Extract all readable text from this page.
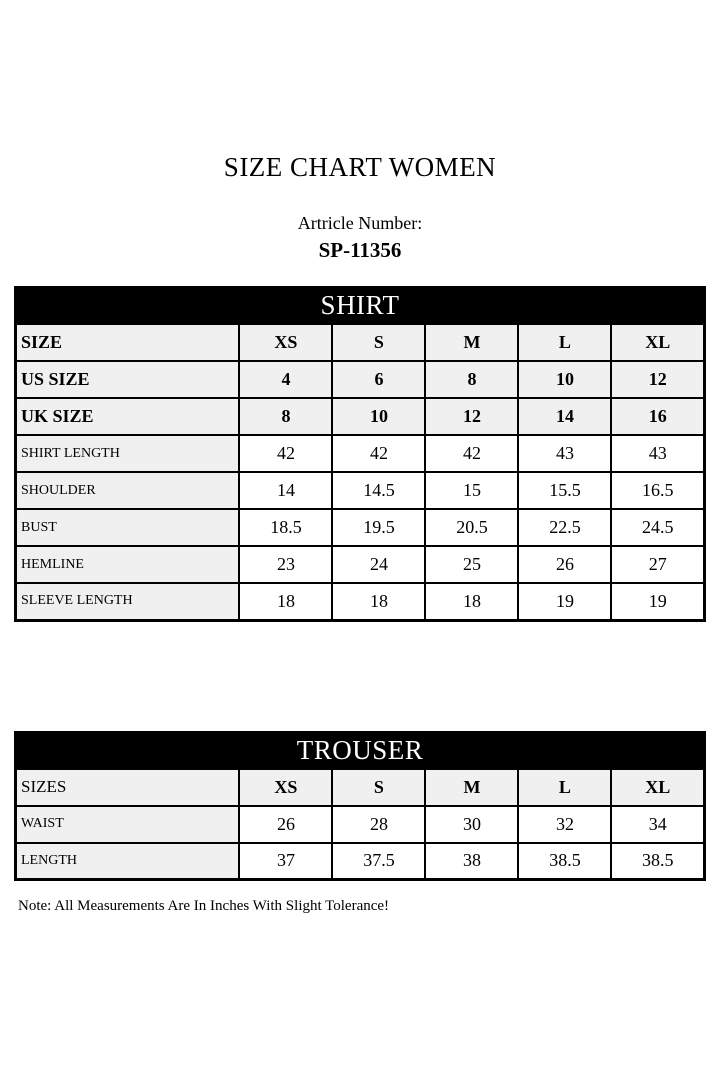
SIZE CHART WOMEN
Artricle Number:
SP-11356
SHIRT					
SIZE	XS	S	M	L	XL
US SIZE	4	6	8	10	12
UK SIZE	8	10	12	14	16
SHIRT LENGTH	42	42	42	43	43
SHOULDER	14	14.5	15	15.5	16.5
BUST	18.5	19.5	20.5	22.5	24.5
HEMLINE	23	24	25	26	27
SLEEVE LENGTH	18	18	18	19	19
TROUSER					
SIZES	XS	S	M	L	XL
WAIST	26	28	30	32	34
LENGTH	37	37.5	38	38.5	38.5
Note: All Measurements Are In Inches With Slight Tolerance!
